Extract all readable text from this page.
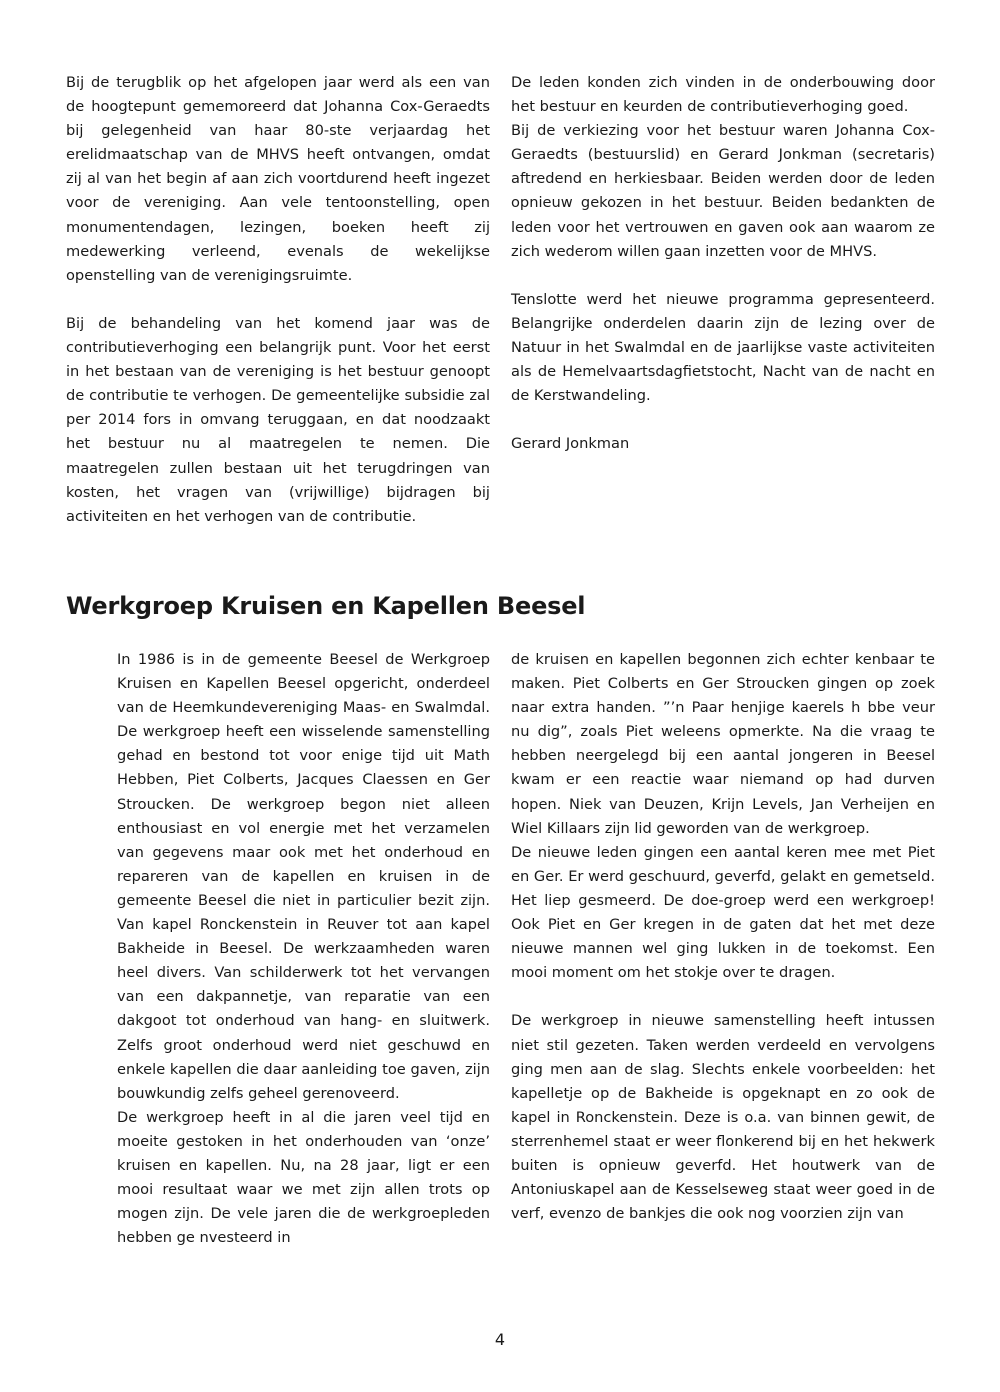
Bij de terugblik op het afgelopen jaar werd als een van de hoogtepunt gememoreerd dat Johanna Cox-Geraedts bij gelegenheid van haar 80-ste verjaardag het erelidmaatschap van de MHVS heeft ontvangen, omdat zij al van het begin af aan zich voortdurend heeft ingezet voor de vereniging. Aan vele tentoonstelling, open monumentendagen, lezingen, boeken heeft zij medewerking verleend, evenals de wekelijkse openstelling van de verenigingsruimte.

Bij de behandeling van het komend jaar was de contributieverhoging een belangrijk punt. Voor het eerst in het bestaan van de vereniging is het bestuur genoopt de contributie te verhogen. De gemeentelijke subsidie zal per 2014 fors in omvang teruggaan, en dat noodzaakt het bestuur nu al maatregelen te nemen. Die maatregelen zullen bestaan uit het terugdringen van kosten, het vragen van (vrijwillige) bijdragen bij activiteiten en het verhogen van de contributie.

De leden konden zich vinden in de onderbouwing door het bestuur en keurden de contributieverhoging goed.

Bij de verkiezing voor het bestuur waren Johanna Cox-Geraedts (bestuurslid) en Gerard Jonkman (secretaris) aftredend en herkiesbaar. Beiden werden door de leden opnieuw gekozen in het bestuur. Beiden bedankten de leden voor het vertrouwen en gaven ook aan waarom ze zich wederom willen gaan inzetten voor de MHVS.

Tenslotte werd het nieuwe programma gepresenteerd. Belangrijke onderdelen daarin zijn de lezing over de Natuur in het Swalmdal en de jaarlijkse vaste activiteiten als de Hemelvaartsdagfietstocht, Nacht van de nacht en de Kerstwandeling.

Gerard Jonkman

Werkgroep Kruisen en Kapellen Beesel

In 1986 is in de gemeente Beesel de Werkgroep Kruisen en Kapellen Beesel opgericht, onderdeel van de Heemkundevereniging Maas- en Swalmdal. De werkgroep heeft een wisselende samenstelling gehad en bestond tot voor enige tijd uit Math Hebben, Piet Colberts, Jacques Claessen en Ger Stroucken. De werkgroep begon niet alleen enthousiast en vol energie met het verzamelen van gegevens maar ook met het onderhoud en repareren van de kapellen en kruisen in de gemeente Beesel die niet in particulier bezit zijn. Van kapel Ronckenstein in Reuver tot aan kapel Bakheide in Beesel. De werkzaamheden waren heel divers. Van schilderwerk tot het vervangen van een dakpannetje, van reparatie van een dakgoot tot onderhoud van hang- en sluitwerk. Zelfs groot onderhoud werd niet geschuwd en enkele kapellen die daar aanleiding toe gaven, zijn bouwkundig zelfs geheel gerenoveerd.

De werkgroep heeft in al die jaren veel tijd en moeite gestoken in het onderhouden van ‘onze’ kruisen en kapellen. Nu, na 28 jaar, ligt er een mooi resultaat waar we met zijn allen trots op mogen zijn. De vele jaren die de werkgroepleden hebben ge nvesteerd in

de kruisen en kapellen begonnen zich echter kenbaar te maken. Piet Colberts en Ger Stroucken gingen op zoek naar extra handen. ”’n Paar henjige kaerels h bbe veur nu dig”, zoals Piet weleens opmerkte. Na die vraag te hebben neergelegd bij een aantal jongeren in Beesel kwam er een reactie waar niemand op had durven hopen. Niek van Deuzen, Krijn Levels, Jan Verheijen en Wiel Killaars zijn lid geworden van de werkgroep.

De nieuwe leden gingen een aantal keren mee met Piet en Ger. Er werd geschuurd, geverfd, gelakt en gemetseld. Het liep gesmeerd. De doe-groep werd een werkgroep! Ook Piet en Ger kregen in de gaten dat het met deze nieuwe mannen wel ging lukken in de toekomst. Een mooi moment om het stokje over te dragen.

De werkgroep in nieuwe samenstelling heeft intussen niet stil gezeten. Taken werden verdeeld en vervolgens ging men aan de slag. Slechts enkele voorbeelden: het kapelletje op de Bakheide is opgeknapt en zo ook de kapel in Ronckenstein. Deze is o.a. van binnen gewit, de sterrenhemel staat er weer flonkerend bij en het hekwerk buiten is opnieuw geverfd. Het houtwerk van de Antoniuskapel aan de Kesselseweg staat weer goed in de verf, evenzo de bankjes die ook nog voorzien zijn van

4
